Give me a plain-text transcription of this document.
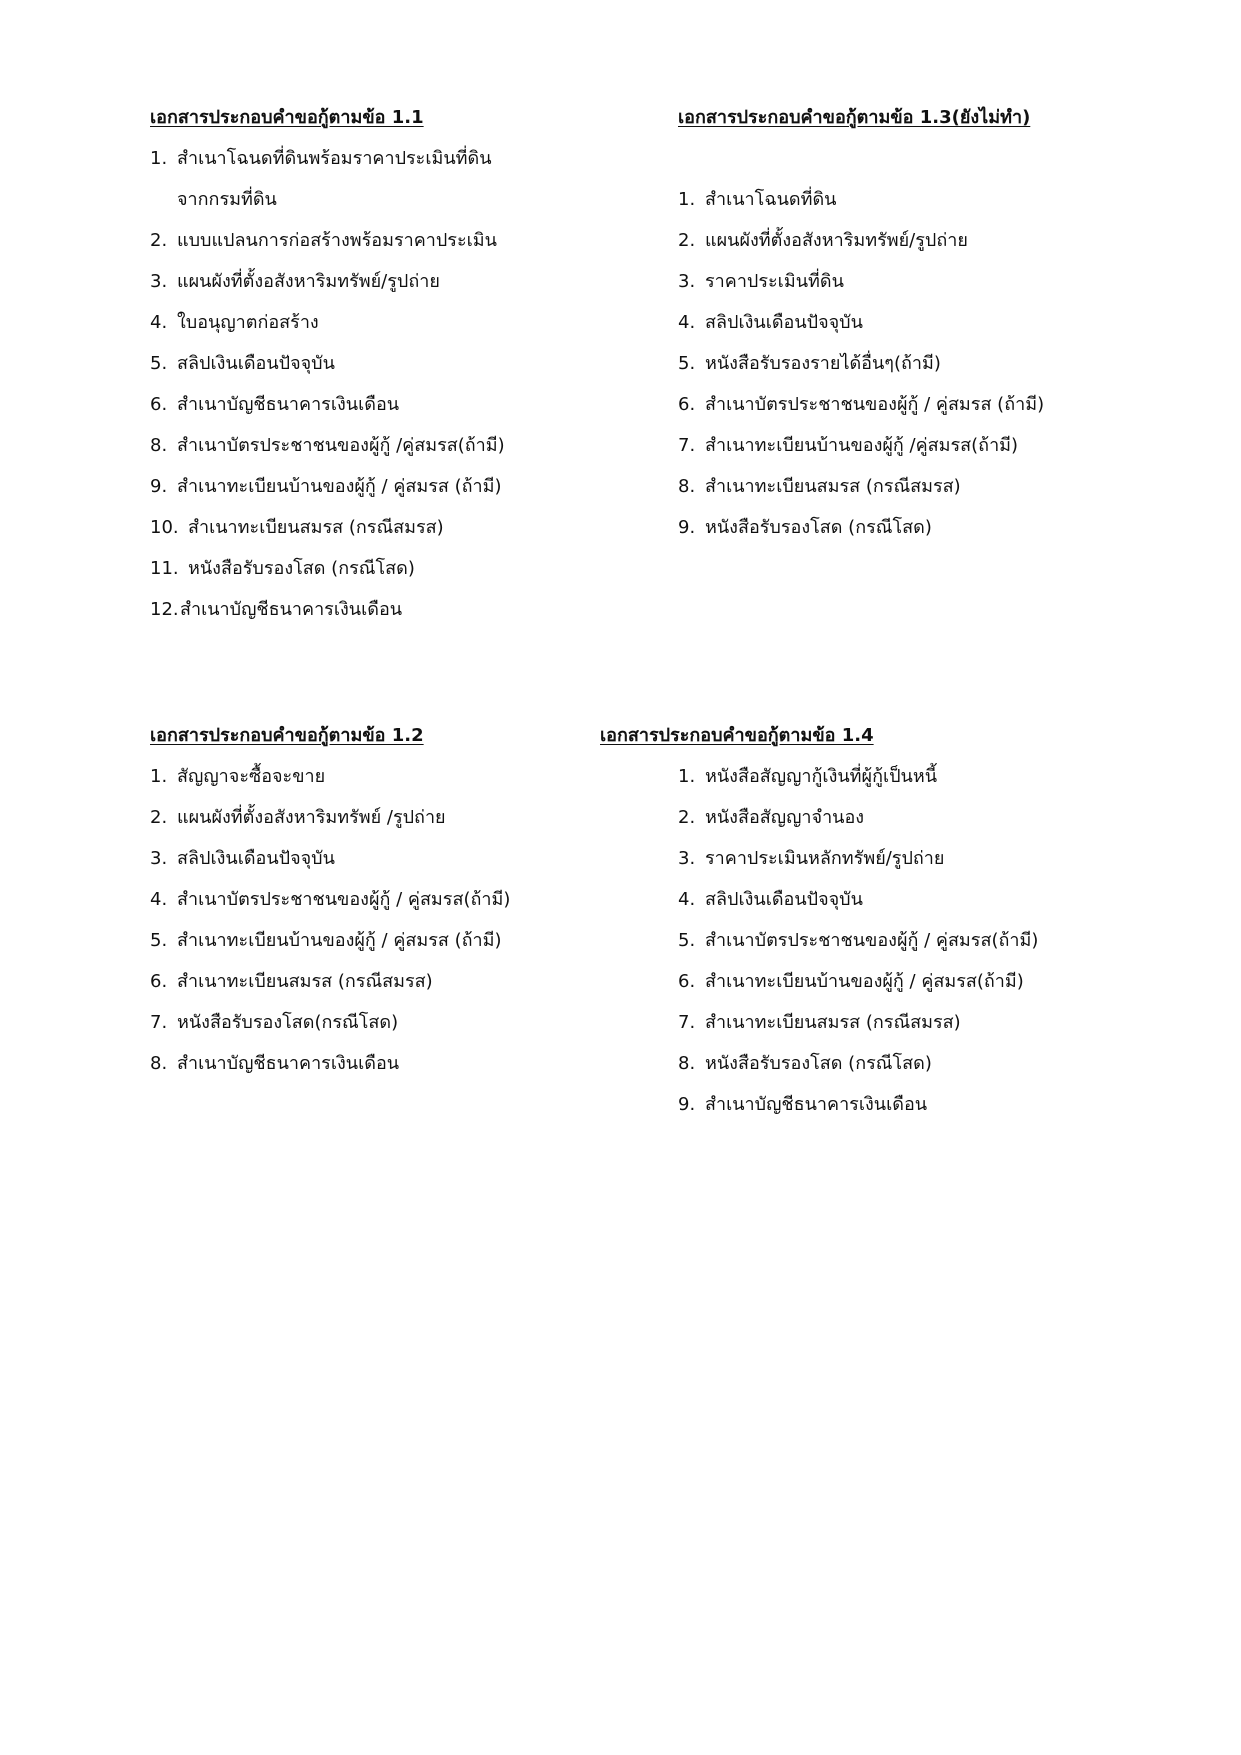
เอกสารประกอบคำขอกู้ตามข้อ 1.1
1. สำเนาโฉนดที่ดินพร้อมราคาประเมินที่ดิน
จากกรมที่ดิน
2. แบบแปลนการก่อสร้างพร้อมราคาประเมิน
3. แผนผังที่ตั้งอสังหาริมทรัพย์/รูปถ่าย
4. ใบอนุญาตก่อสร้าง
5. สลิปเงินเดือนปัจจุบัน
6. สำเนาบัญชีธนาคารเงินเดือน
8. สำเนาบัตรประชาชนของผู้กู้ /คู่สมรส(ถ้ามี)
9. สำเนาทะเบียนบ้านของผู้กู้ / คู่สมรส (ถ้ามี)
10. สำเนาทะเบียนสมรส (กรณีสมรส)
11. หนังสือรับรองโสด (กรณีโสด)
12. สำเนาบัญชีธนาคารเงินเดือน
เอกสารประกอบคำขอกู้ตามข้อ 1.3(ยังไม่ทำ)
1. สำเนาโฉนดที่ดิน
2. แผนผังที่ตั้งอสังหาริมทรัพย์/รูปถ่าย
3. ราคาประเมินที่ดิน
4. สลิปเงินเดือนปัจจุบัน
5. หนังสือรับรองรายได้อื่นๆ(ถ้ามี)
6. สำเนาบัตรประชาชนของผู้กู้ / คู่สมรส (ถ้ามี)
7. สำเนาทะเบียนบ้านของผู้กู้ /คู่สมรส(ถ้ามี)
8. สำเนาทะเบียนสมรส (กรณีสมรส)
9. หนังสือรับรองโสด (กรณีโสด)
เอกสารประกอบคำขอกู้ตามข้อ 1.2
1. สัญญาจะซื้อจะขาย
2. แผนผังที่ตั้งอสังหาริมทรัพย์ /รูปถ่าย
3. สลิปเงินเดือนปัจจุบัน
4. สำเนาบัตรประชาชนของผู้กู้ / คู่สมรส(ถ้ามี)
5. สำเนาทะเบียนบ้านของผู้กู้ / คู่สมรส (ถ้ามี)
6. สำเนาทะเบียนสมรส (กรณีสมรส)
7. หนังสือรับรองโสด(กรณีโสด)
8. สำเนาบัญชีธนาคารเงินเดือน
เอกสารประกอบคำขอกู้ตามข้อ 1.4
1. หนังสือสัญญากู้เงินที่ผู้กู้เป็นหนี้
2. หนังสือสัญญาจำนอง
3. ราคาประเมินหลักทรัพย์/รูปถ่าย
4. สลิปเงินเดือนปัจจุบัน
5. สำเนาบัตรประชาชนของผู้กู้ / คู่สมรส(ถ้ามี)
6. สำเนาทะเบียนบ้านของผู้กู้ / คู่สมรส(ถ้ามี)
7. สำเนาทะเบียนสมรส (กรณีสมรส)
8. หนังสือรับรองโสด (กรณีโสด)
9. สำเนาบัญชีธนาคารเงินเดือน
